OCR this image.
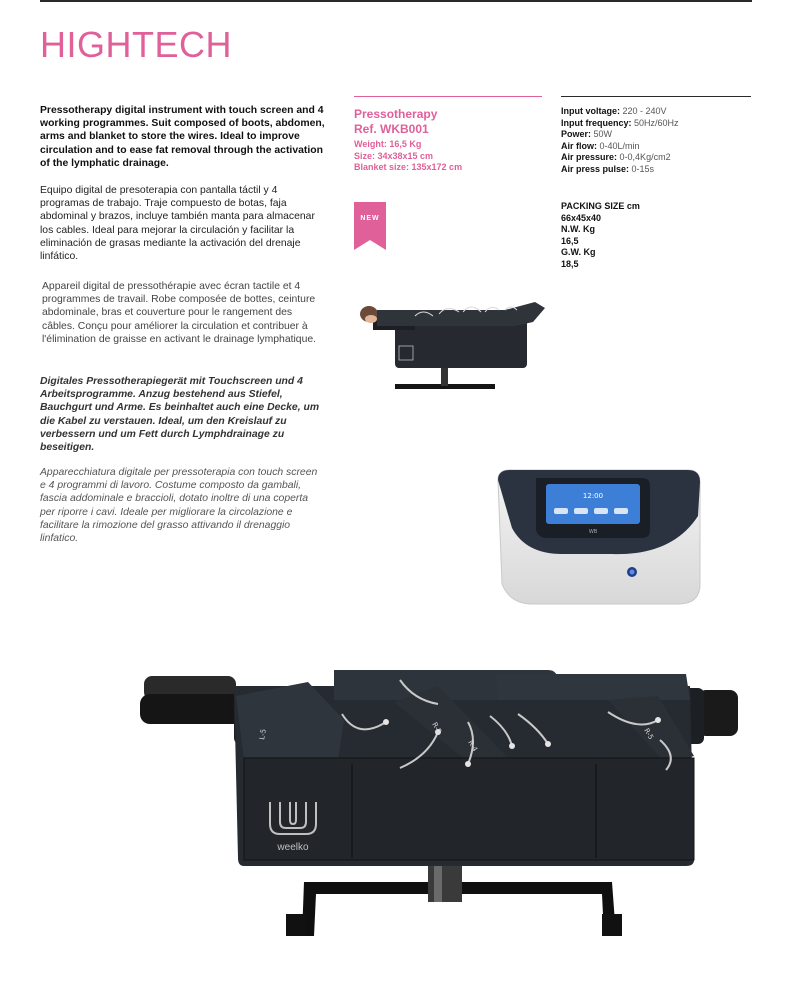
HIGHTECH

Pressotherapy digital instrument with touch screen and 4 working programmes. Suit composed of boots, abdomen, arms and blanket to store the wires. Ideal to improve circulation and to ease fat removal through the activation of the lymphatic drainage.

Equipo digital de presoterapia con pantalla táctil y 4 programas de trabajo. Traje compuesto de botas, faja abdominal y brazos, incluye también manta para almacenar los cables. Ideal para mejorar la circulación y facilitar la eliminación de grasas mediante la activación del drenaje linfático.

Appareil digital de pressothérapie avec écran tactile et 4 programmes de travail. Robe composée de bottes, ceinture abdominale, bras et couverture pour le rangement des câbles. Conçu pour améliorer la circulation et contribuer à l'élimination de graisse en activant le drainage lymphatique.

Digitales Pressotherapiegerät mit Touchscreen und 4 Arbeitsprogramme. Anzug bestehend aus Stiefel, Bauchgurt und Arme. Es beinhaltet auch eine Decke, um die Kabel zu verstauen. Ideal, um den Kreislauf zu verbessern und um Fett durch Lymphdrainage zu beseitigen.

Apparecchiatura digitale per pressoterapia con touch screen e 4 programmi di lavoro. Costume composto da gambali, fascia addominale e braccioli, dotato inoltre di una coperta per riporre i cavi. Ideale per migliorare la circolazione e facilitare la rimozione del grasso attivando il drenaggio linfatico.

Pressotherapy
Ref. WKB001
Weight: 16,5 Kg
Size: 34x38x15 cm
Blanket size: 135x172 cm
NEW
Input voltage: 220 - 240V
Input frequency: 50Hz/60Hz
Power: 50W
Air flow: 0-40L/min
Air pressure: 0-0,4Kg/cm2
Air press pulse: 0-15s
PACKING SIZE cm
66x45x40
N.W. Kg
16,5
G.W. Kg
18,5
12:00
WB
L-5	R-5
R-4
R-5
weelko
